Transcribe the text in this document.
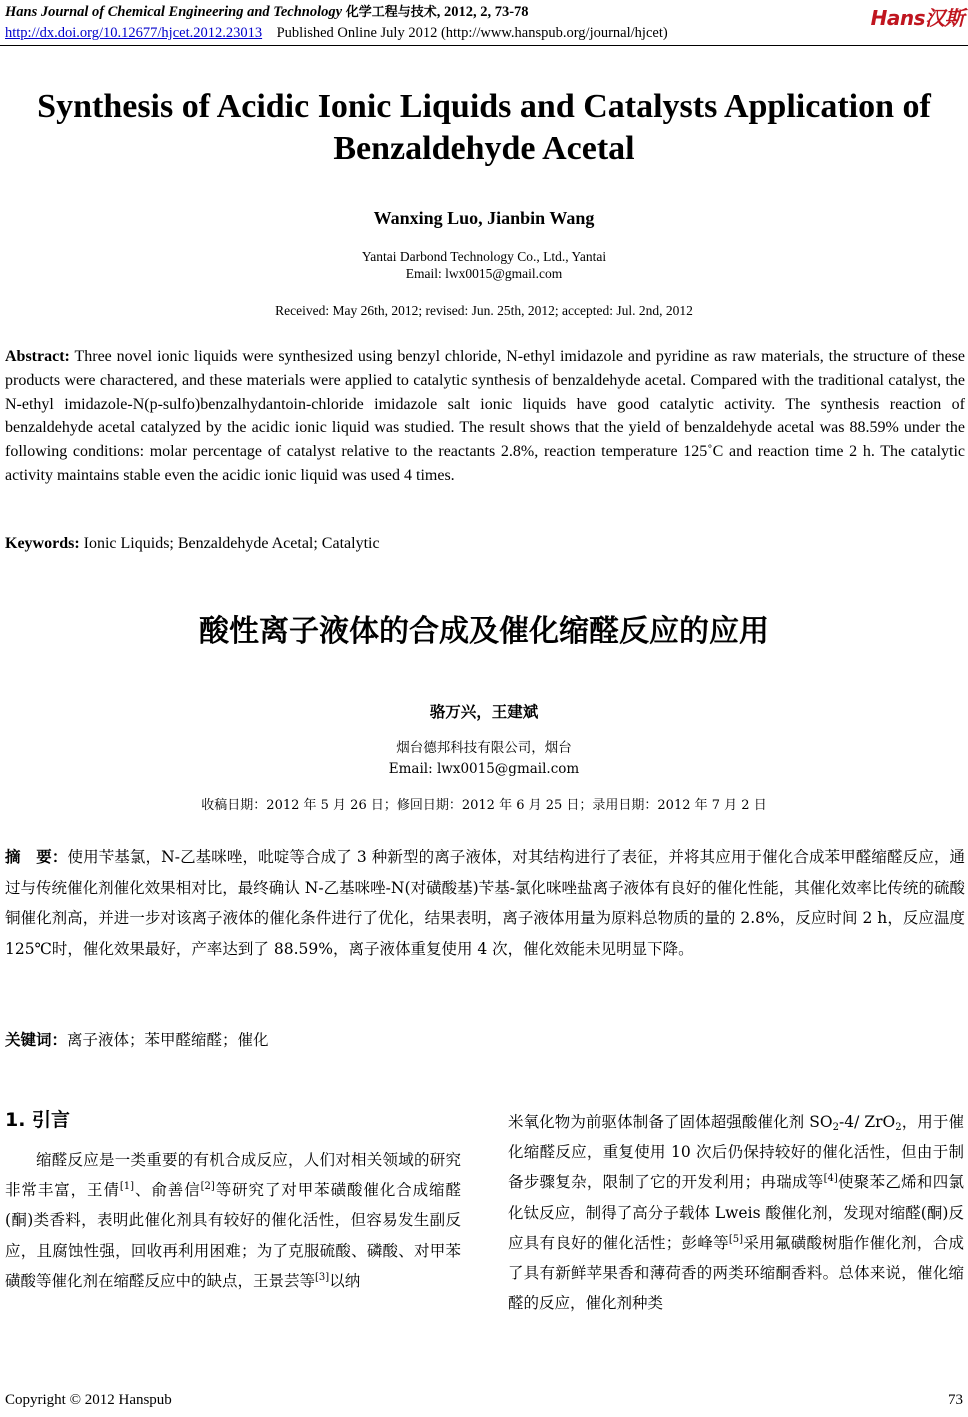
Hans Journal of Chemical Engineering and Technology 化学工程与技术, 2012, 2, 73-78
http://dx.doi.org/10.12677/hjcet.2012.23013 Published Online July 2012 (http://www.hanspub.org/journal/hjcet)
Hans汉斯
Synthesis of Acidic Ionic Liquids and Catalysts Application of Benzaldehyde Acetal
Wanxing Luo, Jianbin Wang
Yantai Darbond Technology Co., Ltd., Yantai
Email: lwx0015@gmail.com
Received: May 26th, 2012; revised: Jun. 25th, 2012; accepted: Jul. 2nd, 2012
Abstract: Three novel ionic liquids were synthesized using benzyl chloride, N-ethyl imidazole and pyridine as raw materials, the structure of these products were charactered, and these materials were applied to catalytic synthesis of benzaldehyde acetal. Compared with the traditional catalyst, the N-ethyl imidazole-N(p-sulfo)benzalhydantoin-chloride imidazole salt ionic liquids have good catalytic activity. The synthesis reaction of benzaldehyde acetal catalyzed by the acidic ionic liquid was studied. The result shows that the yield of benzaldehyde acetal was 88.59% under the following conditions: molar percentage of catalyst relative to the reactants 2.8%, reaction temperature 125˚C and reaction time 2 h. The catalytic activity maintains stable even the acidic ionic liquid was used 4 times.
Keywords: Ionic Liquids; Benzaldehyde Acetal; Catalytic
酸性离子液体的合成及催化缩醛反应的应用
骆万兴，王建斌
烟台德邦科技有限公司，烟台
Email: lwx0015@gmail.com
收稿日期：2012 年 5 月 26 日；修回日期：2012 年 6 月 25 日；录用日期：2012 年 7 月 2 日
摘　要：使用苄基氯，N-乙基咪唑，吡啶等合成了 3 种新型的离子液体，对其结构进行了表征，并将其应用于催化合成苯甲醛缩醛反应，通过与传统催化剂催化效果相对比，最终确认 N-乙基咪唑-N(对磺酸基)苄基-氯化咪唑盐离子液体有良好的催化性能，其催化效率比传统的硫酸铜催化剂高，并进一步对该离子液体的催化条件进行了优化，结果表明，离子液体用量为原料总物质的量的 2.8%，反应时间 2 h，反应温度 125℃时，催化效果最好，产率达到了 88.59%，离子液体重复使用 4 次，催化效能未见明显下降。
关键词：离子液体；苯甲醛缩醛；催化
1. 引言

缩醛反应是一类重要的有机合成反应，人们对相关领域的研究非常丰富，王倩[1]、俞善信[2]等研究了对甲苯磺酸催化合成缩醛(酮)类香料，表明此催化剂具有较好的催化活性，但容易发生副反应，且腐蚀性强，回收再利用困难；为了克服硫酸、磷酸、对甲苯磺酸等催化剂在缩醛反应中的缺点，王景芸等[3]以纳

米氧化物为前驱体制备了固体超强酸催化剂 $SO_2-4/$ ZrO$_2$，用于催化缩醛反应，重复使用 10 次后仍保持较好的催化活性，但由于制备步骤复杂，限制了它的开发利用；冉瑞成等[4]使聚苯乙烯和四氯化钛反应，制得了高分子载体 Lweis 酸催化剂，发现对缩醛(酮)反应具有良好的催化活性；彭峰等[5]采用氟磺酸树脂作催化剂，合成了具有新鲜苹果香和薄荷香的两类环缩酮香料。总体来说，催化缩醛的反应，催化剂种类

Copyright © 2012 Hanspub	73
